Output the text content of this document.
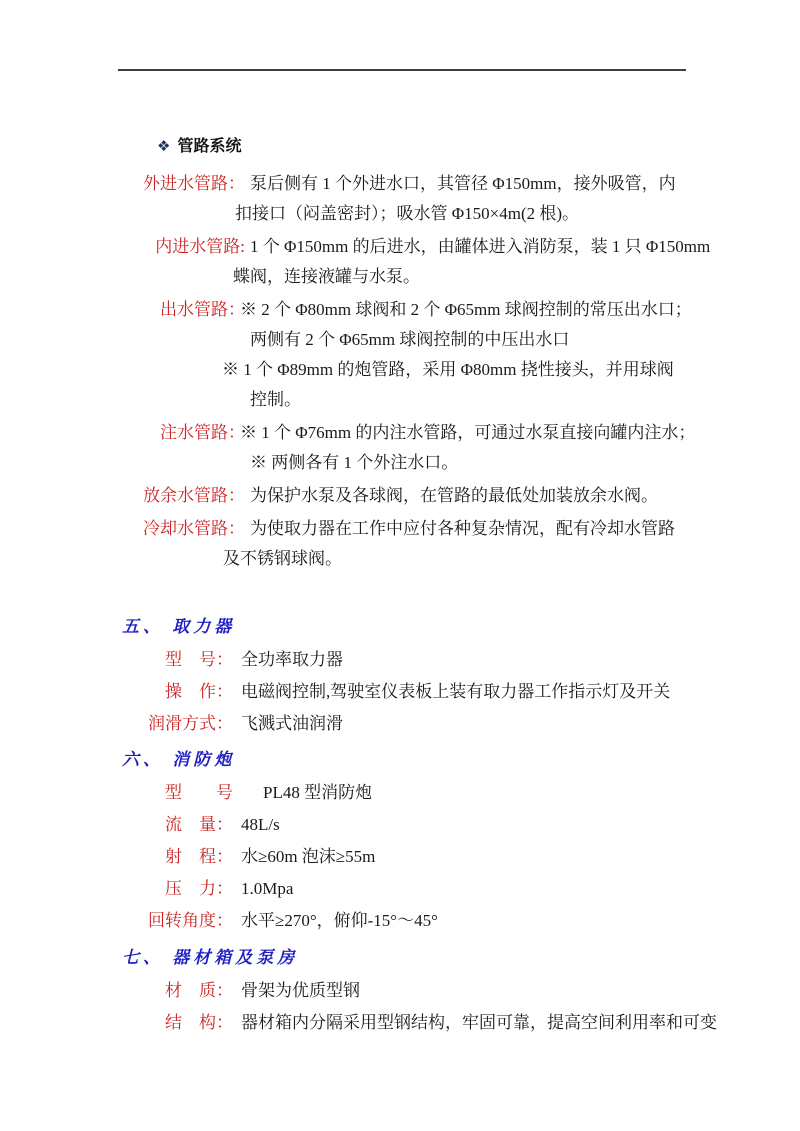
❖ 管路系统
外进水管路： 泵后侧有 1 个外进水口，其管径 Φ150mm，接外吸管，内
扣接口（闷盖密封）；吸水管 Φ150×4m(2 根)。
内进水管路: 1 个 Φ150mm 的后进水，由罐体进入消防泵，装 1 只 Φ150mm
蝶阀，连接液罐与水泵。
出水管路：
※ 2 个 Φ80mm 球阀和 2 个 Φ65mm 球阀控制的常压出水口；
两侧有 2 个 Φ65mm 球阀控制的中压出水口
※ 1 个 Φ89mm 的炮管路，采用 Φ80mm 挠性接头，并用球阀
控制。
注水管路：
※ 1 个 Φ76mm 的内注水管路，可通过水泵直接向罐内注水；
※ 两侧各有 1 个外注水口。
放余水管路： 为保护水泵及各球阀，在管路的最低处加装放余水阀。
冷却水管路： 为使取力器在工作中应付各种复杂情况，配有冷却水管路
及不锈钢球阀。
五、 取力器
型　号： 全功率取力器
操　作： 电磁阀控制,驾驶室仪表板上装有取力器工作指示灯及开关
润滑方式： 飞溅式油润滑
六、 消防炮
型　　号 PL48 型消防炮
流　量： 48L/s
射　程： 水≥60m 泡沫≥55m
压　力： 1.0Mpa
回转角度： 水平≥270°，俯仰-15°～45°
七、 器材箱及泵房
材　质： 骨架为优质型钢
结　构： 器材箱内分隔采用型钢结构，牢固可靠，提高空间利用率和可变
